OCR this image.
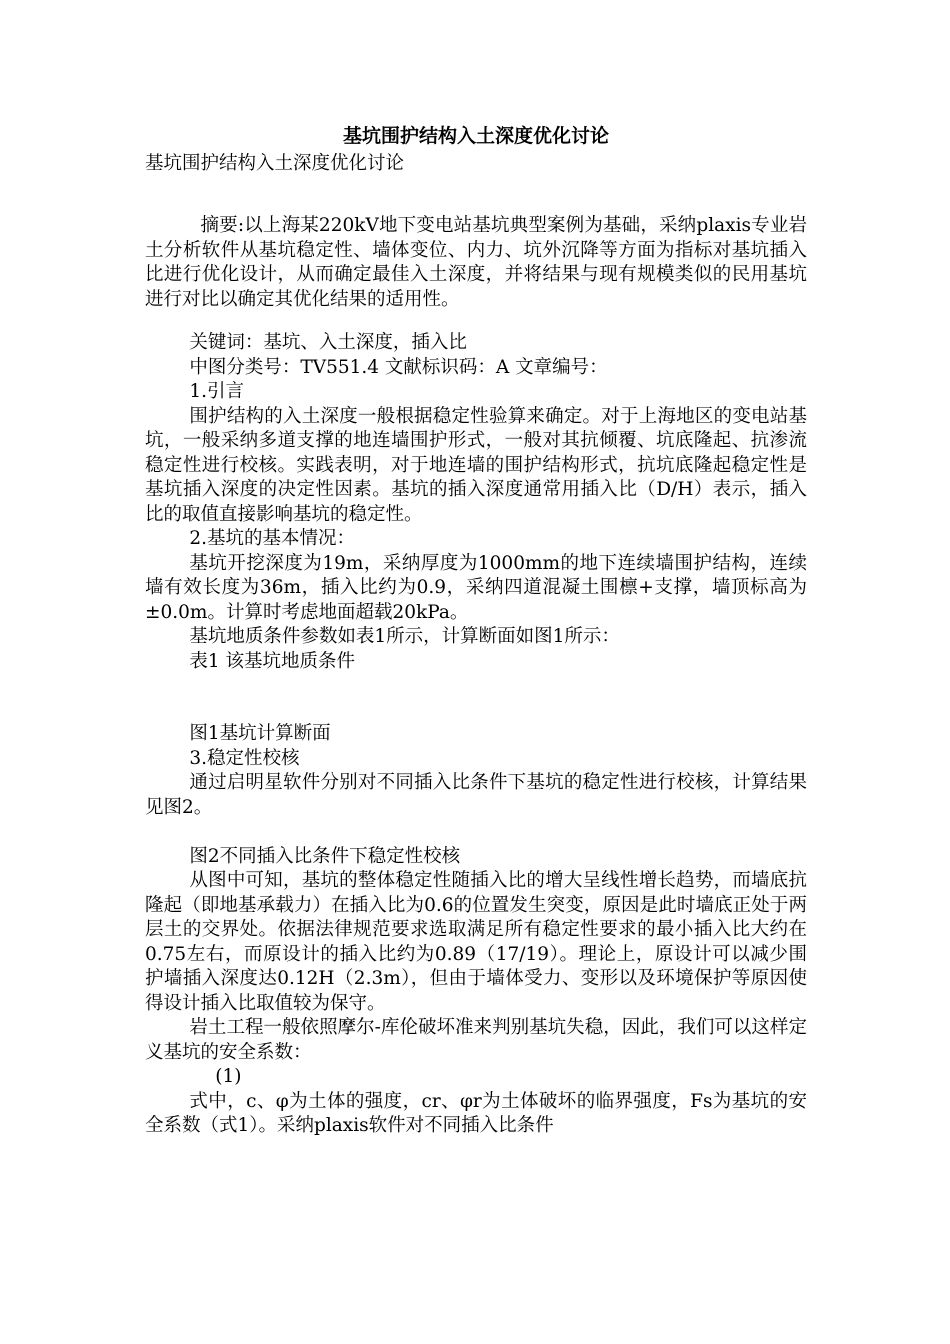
基坑围护结构入土深度优化讨论

基坑围护结构入土深度优化讨论

摘要:以上海某220kV地下变电站基坑典型案例为基础，采纳plaxis专业岩土分析软件从基坑稳定性、墙体变位、内力、坑外沉降等方面为指标对基坑插入比进行优化设计，从而确定最佳入土深度，并将结果与现有规模类似的民用基坑进行对比以确定其优化结果的适用性。

关键词：基坑、入土深度，插入比

中图分类号：TV551.4 文献标识码：A 文章编号：

1.引言

围护结构的入土深度一般根据稳定性验算来确定。对于上海地区的变电站基坑，一般采纳多道支撑的地连墙围护形式，一般对其抗倾覆、坑底隆起、抗渗流稳定性进行校核。实践表明，对于地连墙的围护结构形式，抗坑底隆起稳定性是基坑插入深度的决定性因素。基坑的插入深度通常用插入比（D/H）表示，插入比的取值直接影响基坑的稳定性。

2.基坑的基本情况：

基坑开挖深度为19m，采纳厚度为1000mm的地下连续墙围护结构，连续墙有效长度为36m，插入比约为0.9，采纳四道混凝土围檩+支撑，墙顶标高为±0.0m。计算时考虑地面超载20kPa。

基坑地质条件参数如表1所示，计算断面如图1所示：

表1 该基坑地质条件

图1基坑计算断面

3.稳定性校核

通过启明星软件分别对不同插入比条件下基坑的稳定性进行校核，计算结果见图2。

图2不同插入比条件下稳定性校核

从图中可知，基坑的整体稳定性随插入比的增大呈线性增长趋势，而墙底抗隆起（即地基承载力）在插入比为0.6的位置发生突变，原因是此时墙底正处于两层土的交界处。依据法律规范要求选取满足所有稳定性要求的最小插入比大约在0.75左右，而原设计的插入比约为0.89（17/19）。理论上，原设计可以减少围护墙插入深度达0.12H（2.3m），但由于墙体受力、变形以及环境保护等原因使得设计插入比取值较为保守。

岩土工程一般依照摩尔-库伦破坏准来判别基坑失稳，因此，我们可以这样定义基坑的安全系数：

(1)

式中，c、φ为土体的强度，cr、φr为土体破坏的临界强度，Fs为基坑的安全系数（式1）。采纳plaxis软件对不同插入比条件
